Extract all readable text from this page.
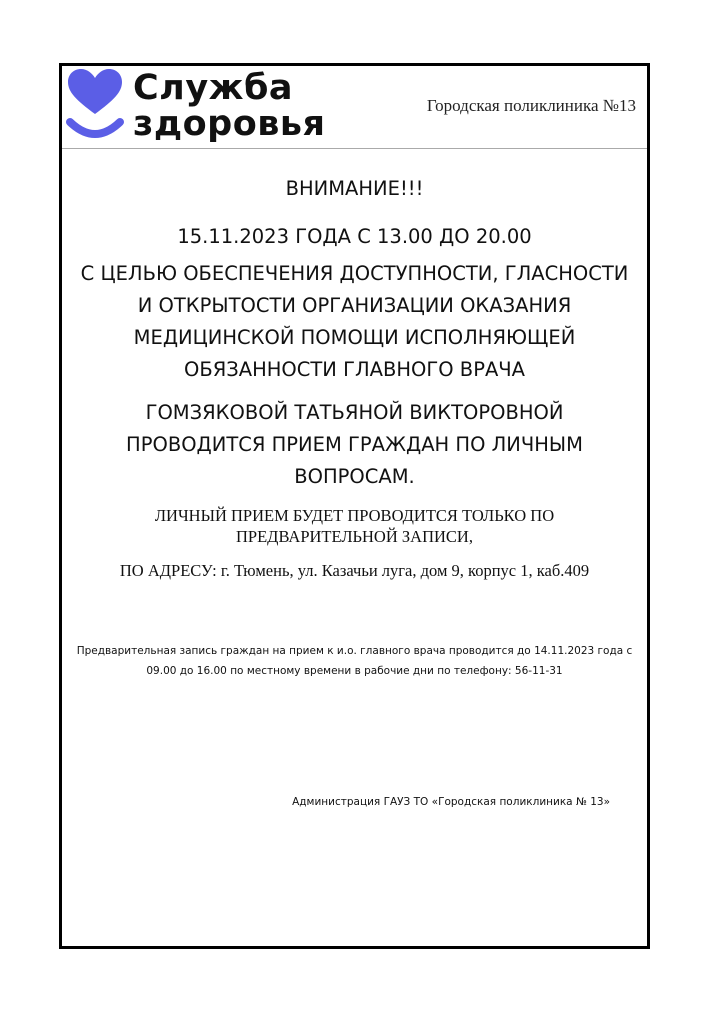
Служба
здоровья	Городская поликлиника №13
ВНИМАНИЕ!!!
15.11.2023 ГОДА С 13.00 ДО 20.00
С ЦЕЛЬЮ ОБЕСПЕЧЕНИЯ ДОСТУПНОСТИ, ГЛАСНОСТИ
И ОТКРЫТОСТИ ОРГАНИЗАЦИИ ОКАЗАНИЯ
МЕДИЦИНСКОЙ ПОМОЩИ ИСПОЛНЯЮЩЕЙ
ОБЯЗАННОСТИ ГЛАВНОГО ВРАЧА
ГОМЗЯКОВОЙ ТАТЬЯНОЙ ВИКТОРОВНОЙ
ПРОВОДИТСЯ ПРИЕМ ГРАЖДАН ПО ЛИЧНЫМ
ВОПРОСАМ.
ЛИЧНЫЙ ПРИЕМ БУДЕТ ПРОВОДИТСЯ ТОЛЬКО ПО
ПРЕДВАРИТЕЛЬНОЙ ЗАПИСИ,
ПО АДРЕСУ: г. Тюмень, ул. Казачьи луга, дом 9, корпус 1, каб.409
Предварительная запись граждан на прием к и.о. главного врача проводится до 14.11.2023 года с
09.00 до 16.00 по местному времени в рабочие дни по телефону: 56-11-31
Администрация ГАУЗ ТО «Городская поликлиника № 13»
